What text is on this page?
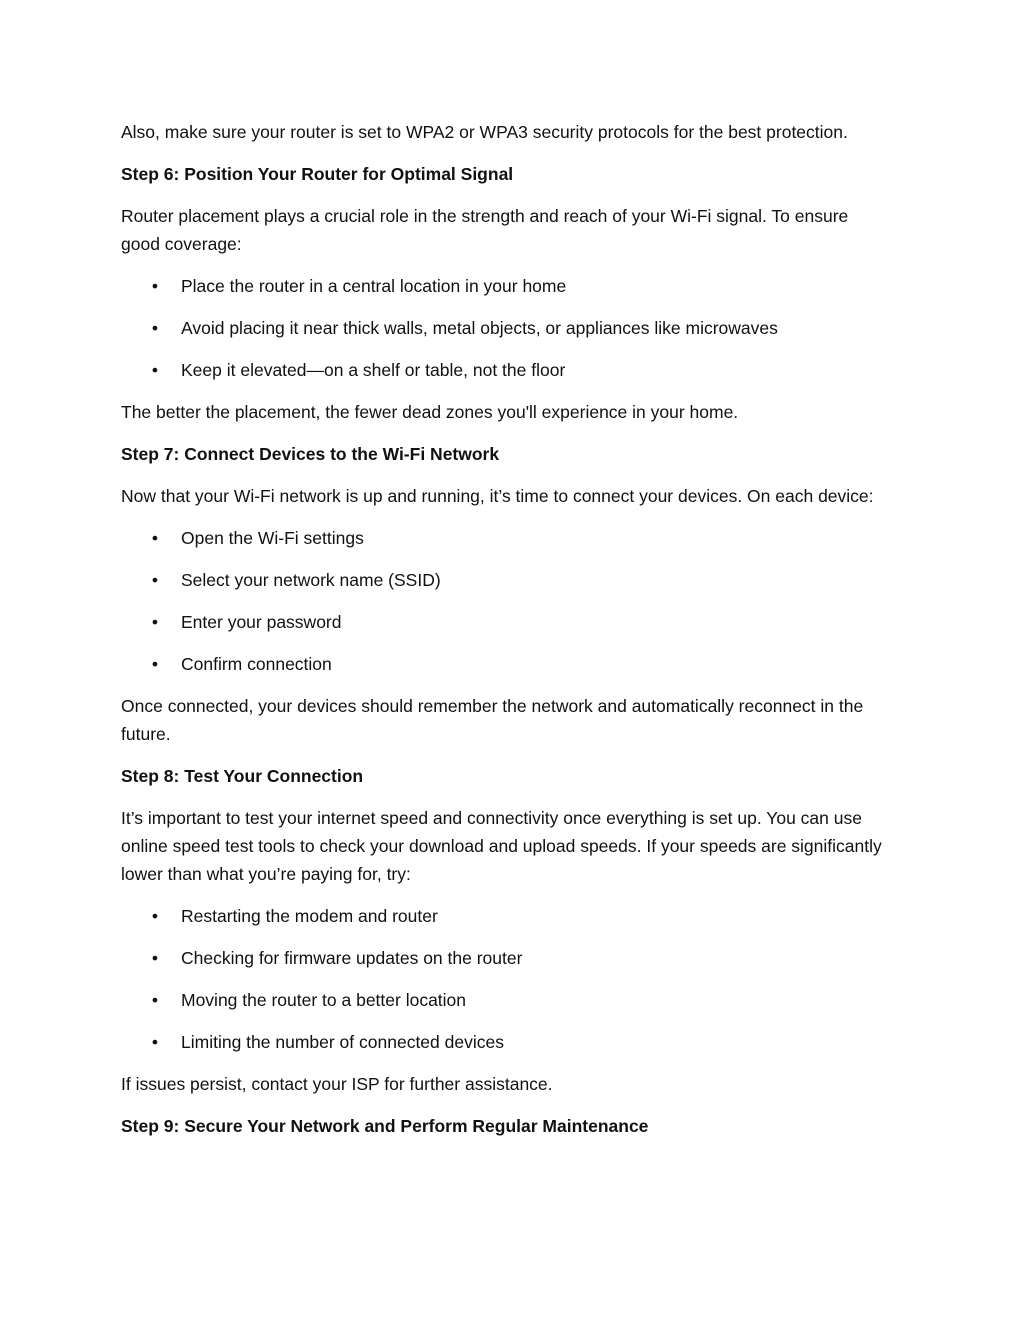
Also, make sure your router is set to WPA2 or WPA3 security protocols for the best protection.

Step 6: Position Your Router for Optimal Signal

Router placement plays a crucial role in the strength and reach of your Wi-Fi signal. To ensure good coverage:

• Place the router in a central location in your home
• Avoid placing it near thick walls, metal objects, or appliances like microwaves
• Keep it elevated—on a shelf or table, not the floor

The better the placement, the fewer dead zones you'll experience in your home.

Step 7: Connect Devices to the Wi-Fi Network

Now that your Wi-Fi network is up and running, it’s time to connect your devices. On each device:

• Open the Wi-Fi settings
• Select your network name (SSID)
• Enter your password
• Confirm connection

Once connected, your devices should remember the network and automatically reconnect in the future.

Step 8: Test Your Connection

It’s important to test your internet speed and connectivity once everything is set up. You can use online speed test tools to check your download and upload speeds. If your speeds are significantly lower than what you’re paying for, try:

• Restarting the modem and router
• Checking for firmware updates on the router
• Moving the router to a better location
• Limiting the number of connected devices

If issues persist, contact your ISP for further assistance.

Step 9: Secure Your Network and Perform Regular Maintenance
